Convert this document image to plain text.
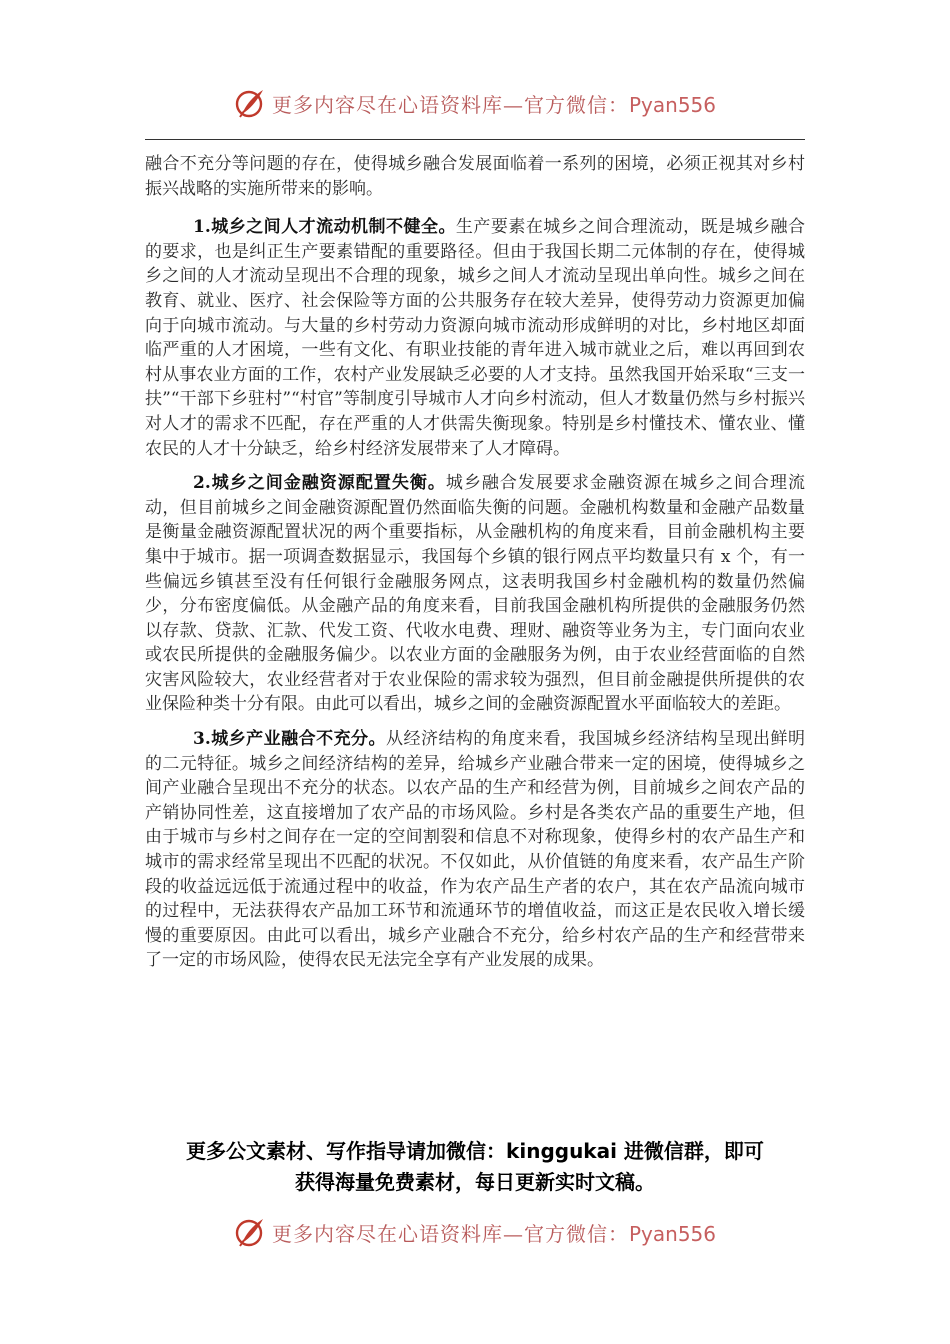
更多内容尽在心语资料库—官方微信：Pyan556

融合不充分等问题的存在，使得城乡融合发展面临着一系列的困境，必须正视其对乡村振兴战略的实施所带来的影响。

1.城乡之间人才流动机制不健全。生产要素在城乡之间合理流动，既是城乡融合的要求，也是纠正生产要素错配的重要路径。但由于我国长期二元体制的存在，使得城乡之间的人才流动呈现出不合理的现象，城乡之间人才流动呈现出单向性。城乡之间在教育、就业、医疗、社会保险等方面的公共服务存在较大差异，使得劳动力资源更加偏向于向城市流动。与大量的乡村劳动力资源向城市流动形成鲜明的对比，乡村地区却面临严重的人才困境，一些有文化、有职业技能的青年进入城市就业之后，难以再回到农村从事农业方面的工作，农村产业发展缺乏必要的人才支持。虽然我国开始采取“三支一扶”“干部下乡驻村”“村官”等制度引导城市人才向乡村流动，但人才数量仍然与乡村振兴对人才的需求不匹配，存在严重的人才供需失衡现象。特别是乡村懂技术、懂农业、懂农民的人才十分缺乏，给乡村经济发展带来了人才障碍。

2.城乡之间金融资源配置失衡。城乡融合发展要求金融资源在城乡之间合理流动，但目前城乡之间金融资源配置仍然面临失衡的问题。金融机构数量和金融产品数量是衡量金融资源配置状况的两个重要指标，从金融机构的角度来看，目前金融机构主要集中于城市。据一项调查数据显示，我国每个乡镇的银行网点平均数量只有 x 个，有一些偏远乡镇甚至没有任何银行金融服务网点，这表明我国乡村金融机构的数量仍然偏少，分布密度偏低。从金融产品的角度来看，目前我国金融机构所提供的金融服务仍然以存款、贷款、汇款、代发工资、代收水电费、理财、融资等业务为主，专门面向农业或农民所提供的金融服务偏少。以农业方面的金融服务为例，由于农业经营面临的自然灾害风险较大，农业经营者对于农业保险的需求较为强烈，但目前金融提供所提供的农业保险种类十分有限。由此可以看出，城乡之间的金融资源配置水平面临较大的差距。

3.城乡产业融合不充分。从经济结构的角度来看，我国城乡经济结构呈现出鲜明的二元特征。城乡之间经济结构的差异，给城乡产业融合带来一定的困境，使得城乡之间产业融合呈现出不充分的状态。以农产品的生产和经营为例，目前城乡之间农产品的产销协同性差，这直接增加了农产品的市场风险。乡村是各类农产品的重要生产地，但由于城市与乡村之间存在一定的空间割裂和信息不对称现象，使得乡村的农产品生产和城市的需求经常呈现出不匹配的状况。不仅如此，从价值链的角度来看，农产品生产阶段的收益远远低于流通过程中的收益，作为农产品生产者的农户，其在农产品流向城市的过程中，无法获得农产品加工环节和流通环节的增值收益，而这正是农民收入增长缓慢的重要原因。由此可以看出，城乡产业融合不充分，给乡村农产品的生产和经营带来了一定的市场风险，使得农民无法完全享有产业发展的成果。

更多公文素材、写作指导请加微信：kinggukai 进微信群，即可
获得海量免费素材，每日更新实时文稿。
更多内容尽在心语资料库—官方微信：Pyan556
